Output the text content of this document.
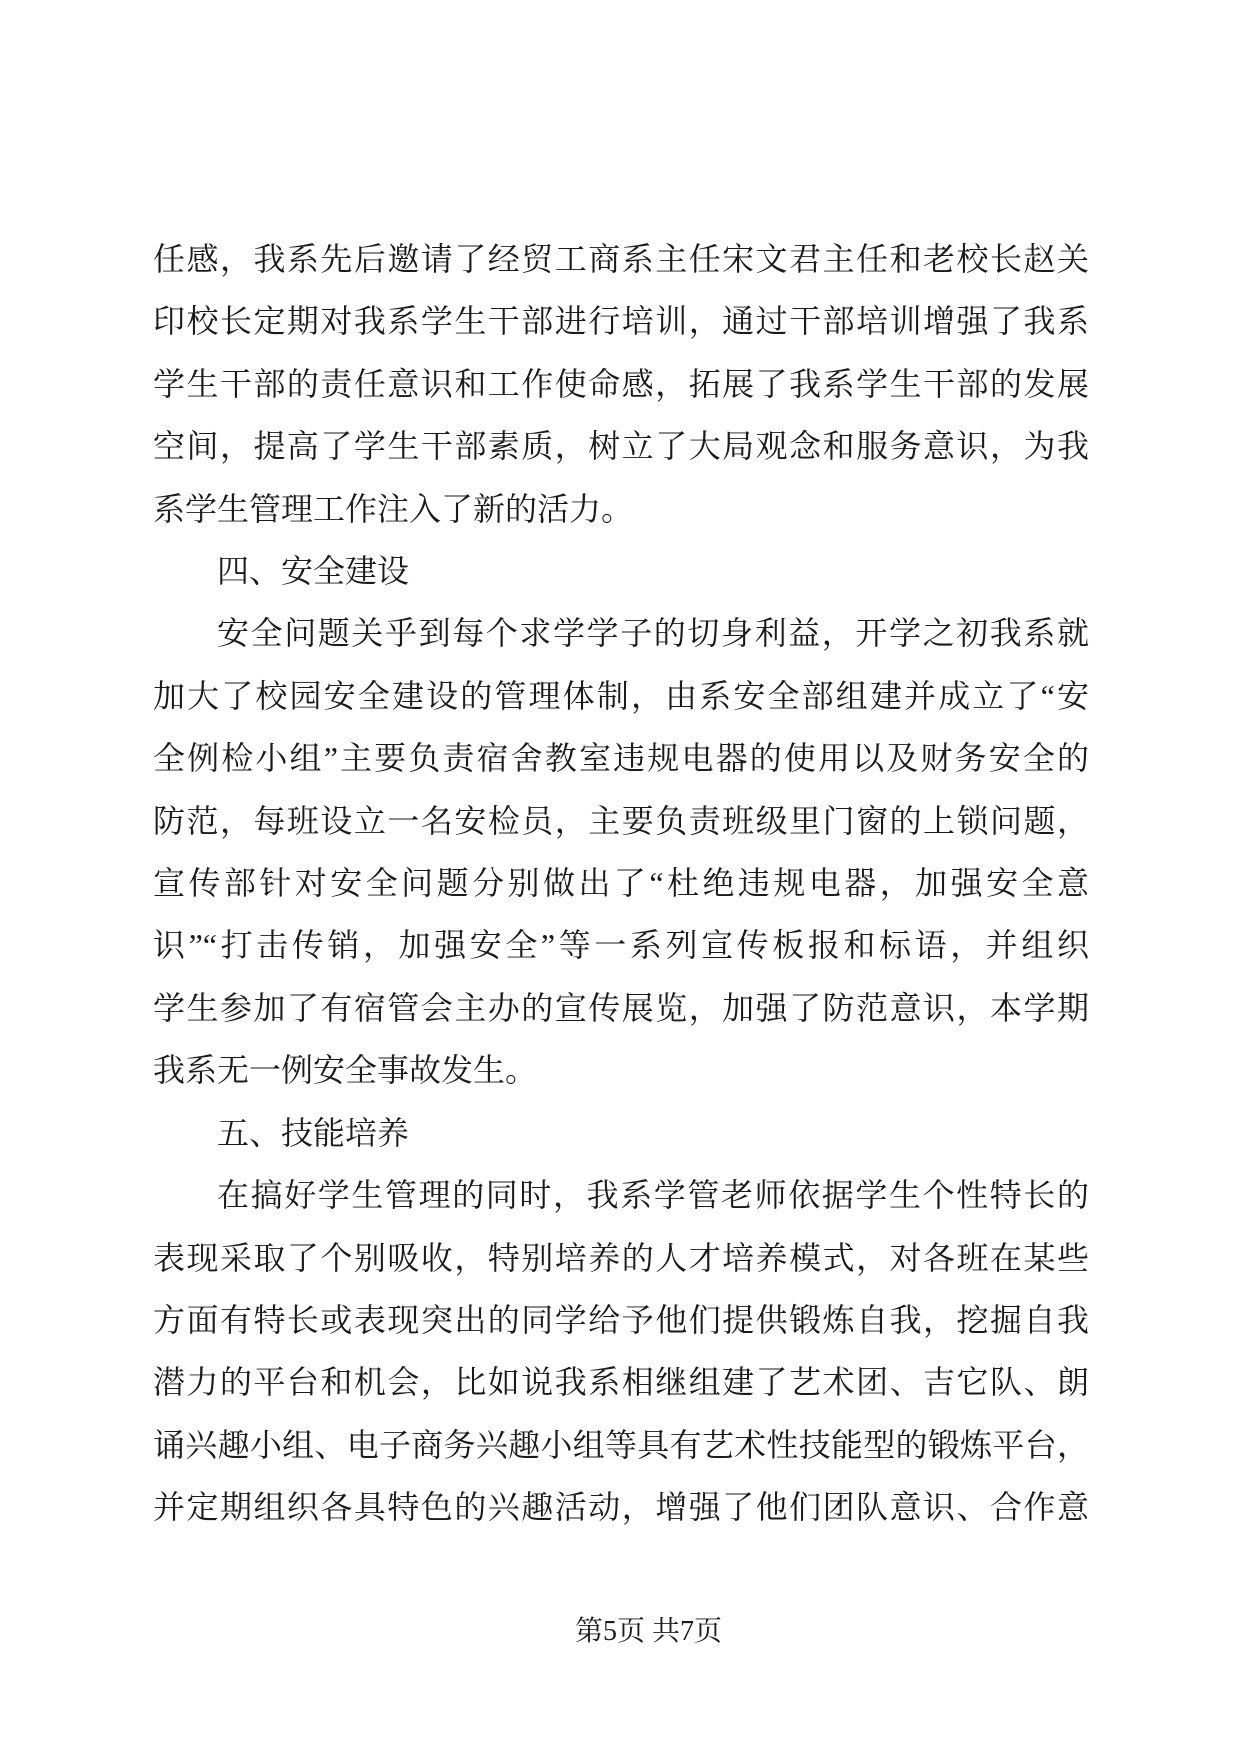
任感，我系先后邀请了经贸工商系主任宋文君主任和老校长赵关
印校长定期对我系学生干部进行培训，通过干部培训增强了我系
学生干部的责任意识和工作使命感，拓展了我系学生干部的发展
空间，提高了学生干部素质，树立了大局观念和服务意识，为我
系学生管理工作注入了新的活力。
四、安全建设
安全问题关乎到每个求学学子的切身利益，开学之初我系就
加大了校园安全建设的管理体制，由系安全部组建并成立了“安
全例检小组”主要负责宿舍教室违规电器的使用以及财务安全的
防范，每班设立一名安检员，主要负责班级里门窗的上锁问题，
宣传部针对安全问题分别做出了“杜绝违规电器，加强安全意
识”“打击传销，加强安全”等一系列宣传板报和标语，并组织
学生参加了有宿管会主办的宣传展览，加强了防范意识，本学期
我系无一例安全事故发生。
五、技能培养
在搞好学生管理的同时，我系学管老师依据学生个性特长的
表现采取了个别吸收，特别培养的人才培养模式，对各班在某些
方面有特长或表现突出的同学给予他们提供锻炼自我，挖掘自我
潜力的平台和机会，比如说我系相继组建了艺术团、吉它队、朗
诵兴趣小组、电子商务兴趣小组等具有艺术性技能型的锻炼平台，
并定期组织各具特色的兴趣活动，增强了他们团队意识、合作意
第5页 共7页
